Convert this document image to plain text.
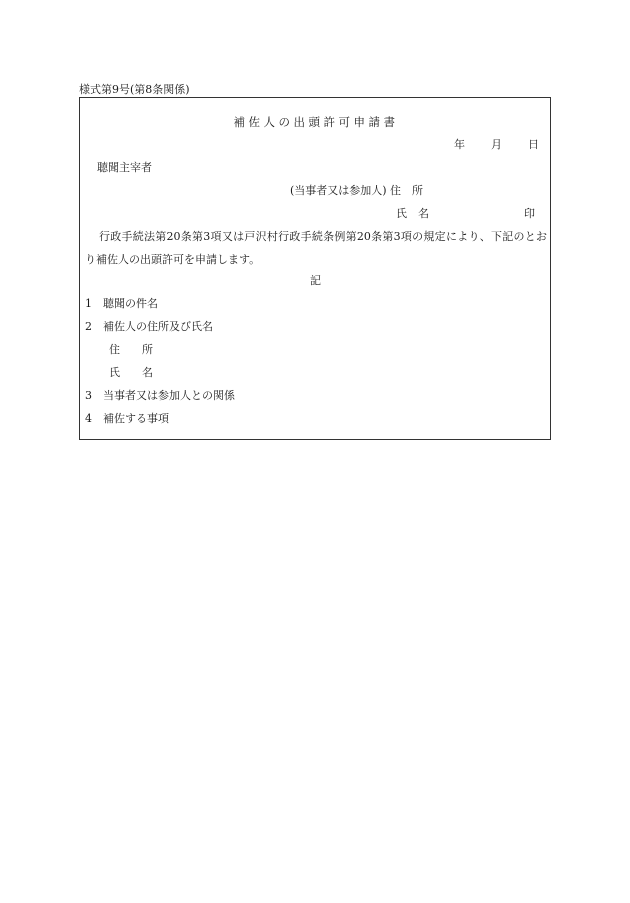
様式第9号(第8条関係)
補佐人の出頭許可申請書
年 月 日
聴聞主宰者
(当事者又は参加人) 住　所
氏　名	印
行政手続法第20条第3項又は戸沢村行政手続条例第20条第3項の規定により、下記のとおり補佐人の出頭許可を申請します。
記
1　聴聞の件名
2　補佐人の住所及び氏名
住　　所
氏　　名
3　当事者又は参加人との関係
4　補佐する事項
